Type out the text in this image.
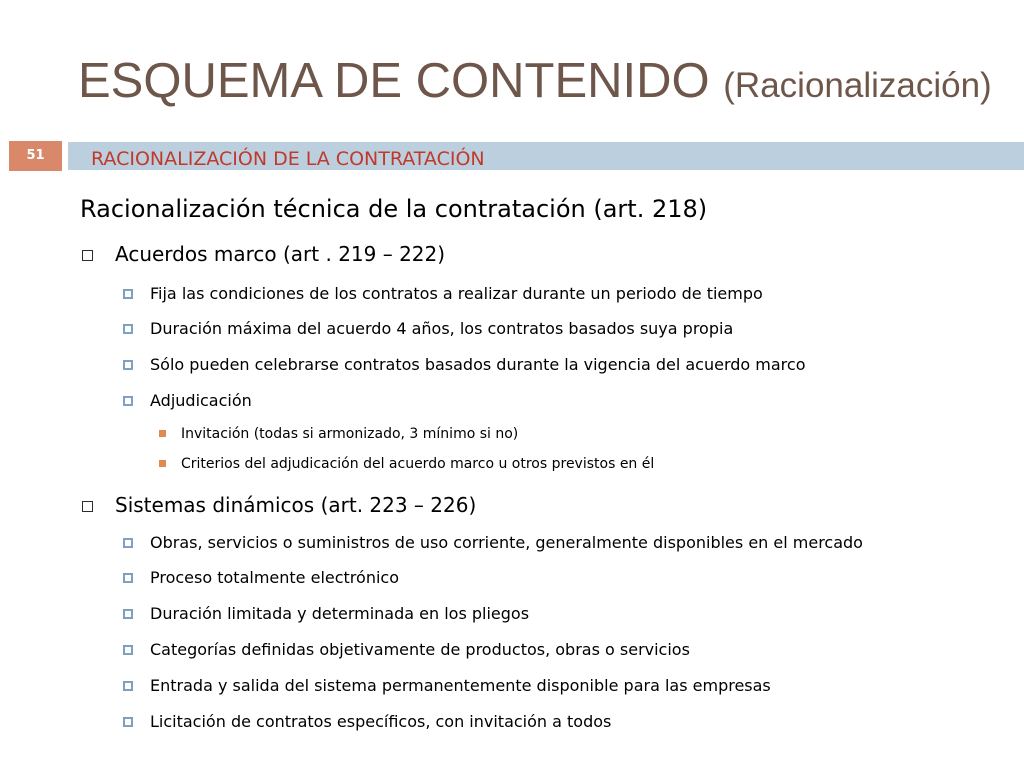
ESQUEMA DE CONTENIDO (Racionalización)
51	RACIONALIZACIÓN DE LA CONTRATACIÓN
Racionalización técnica de la contratación (art. 218)
Acuerdos marco (art . 219 – 222)
Fija las condiciones de los contratos a realizar durante un periodo de tiempo
Duración máxima del acuerdo 4 años, los contratos basados suya propia
Sólo pueden celebrarse contratos basados durante la vigencia del acuerdo marco
Adjudicación
Invitación (todas si armonizado, 3 mínimo si no)
Criterios del adjudicación del acuerdo marco u otros previstos en él
Sistemas dinámicos (art. 223 – 226)
Obras, servicios o suministros de uso corriente, generalmente disponibles en el mercado
Proceso totalmente electrónico
Duración limitada y determinada en los pliegos
Categorías definidas objetivamente de productos, obras o servicios
Entrada y salida del sistema permanentemente disponible para las empresas
Licitación de contratos específicos, con invitación a todos
